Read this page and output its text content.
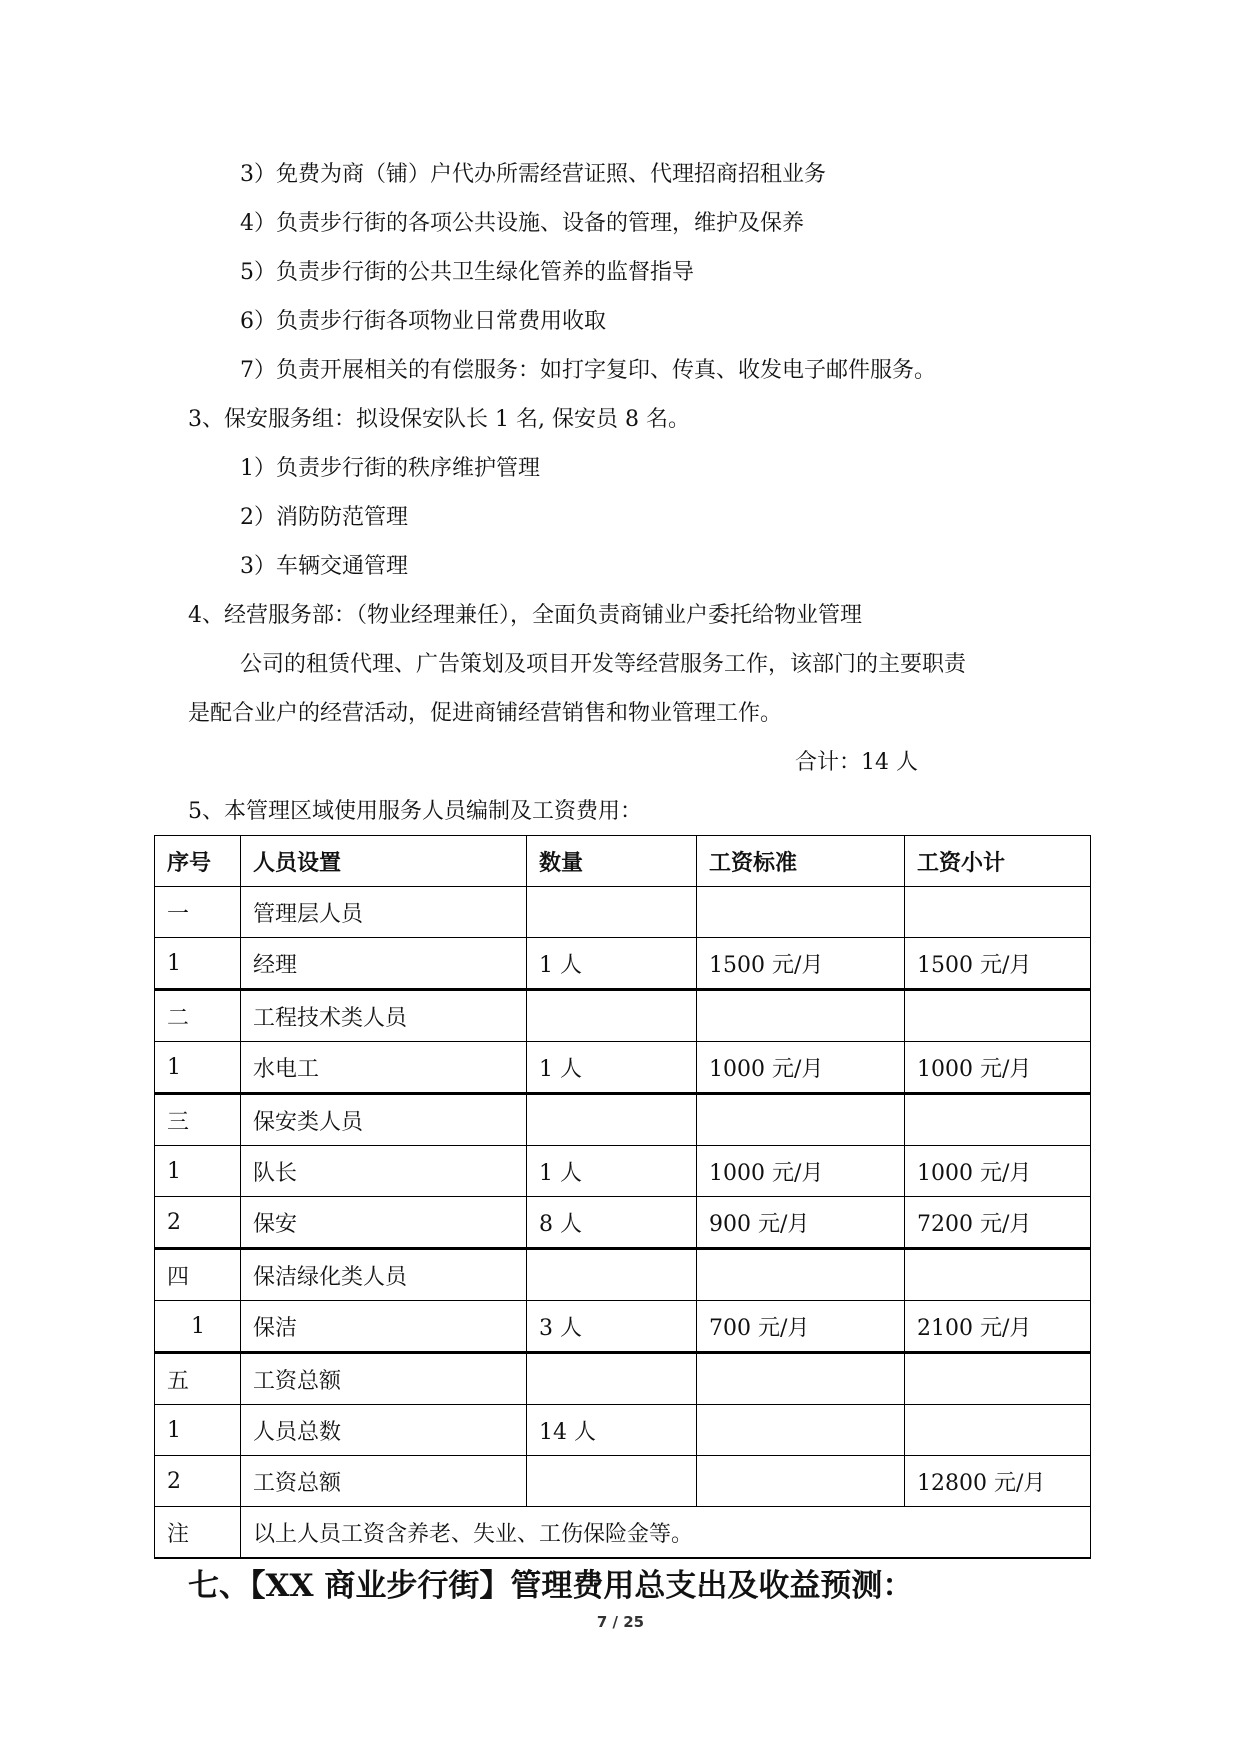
3）免费为商（铺）户代办所需经营证照、代理招商招租业务
4）负责步行街的各项公共设施、设备的管理，维护及保养
5）负责步行街的公共卫生绿化管养的监督指导
6）负责步行街各项物业日常费用收取
7）负责开展相关的有偿服务：如打字复印、传真、收发电子邮件服务。
3、保安服务组：拟设保安队长 1 名, 保安员 8 名。
1）负责步行街的秩序维护管理
2）消防防范管理
3）车辆交通管理
4、经营服务部：（物业经理兼任），全面负责商铺业户委托给物业管理
公司的租赁代理、广告策划及项目开发等经营服务工作，该部门的主要职责
是配合业户的经营活动，促进商铺经营销售和物业管理工作。
合计：14 人
5、本管理区域使用服务人员编制及工资费用：
序号	人员设置	数量	工资标准	工资小计
一	管理层人员			
1	经理	1 人	1500 元/月	1500 元/月
二	工程技术类人员			
1	水电工	1 人	1000 元/月	1000 元/月
三	保安类人员			
1	队长	1 人	1000 元/月	1000 元/月
2	保安	8 人	900 元/月	7200 元/月
四	保洁绿化类人员			
1	保洁	3 人	700 元/月	2100 元/月
五	工资总额			
1	人员总数	14 人		
2	工资总额			12800 元/月
注	以上人员工资含养老、失业、工伤保险金等。			
七、【XX 商业步行街】管理费用总支出及收益预测：
7 / 25
